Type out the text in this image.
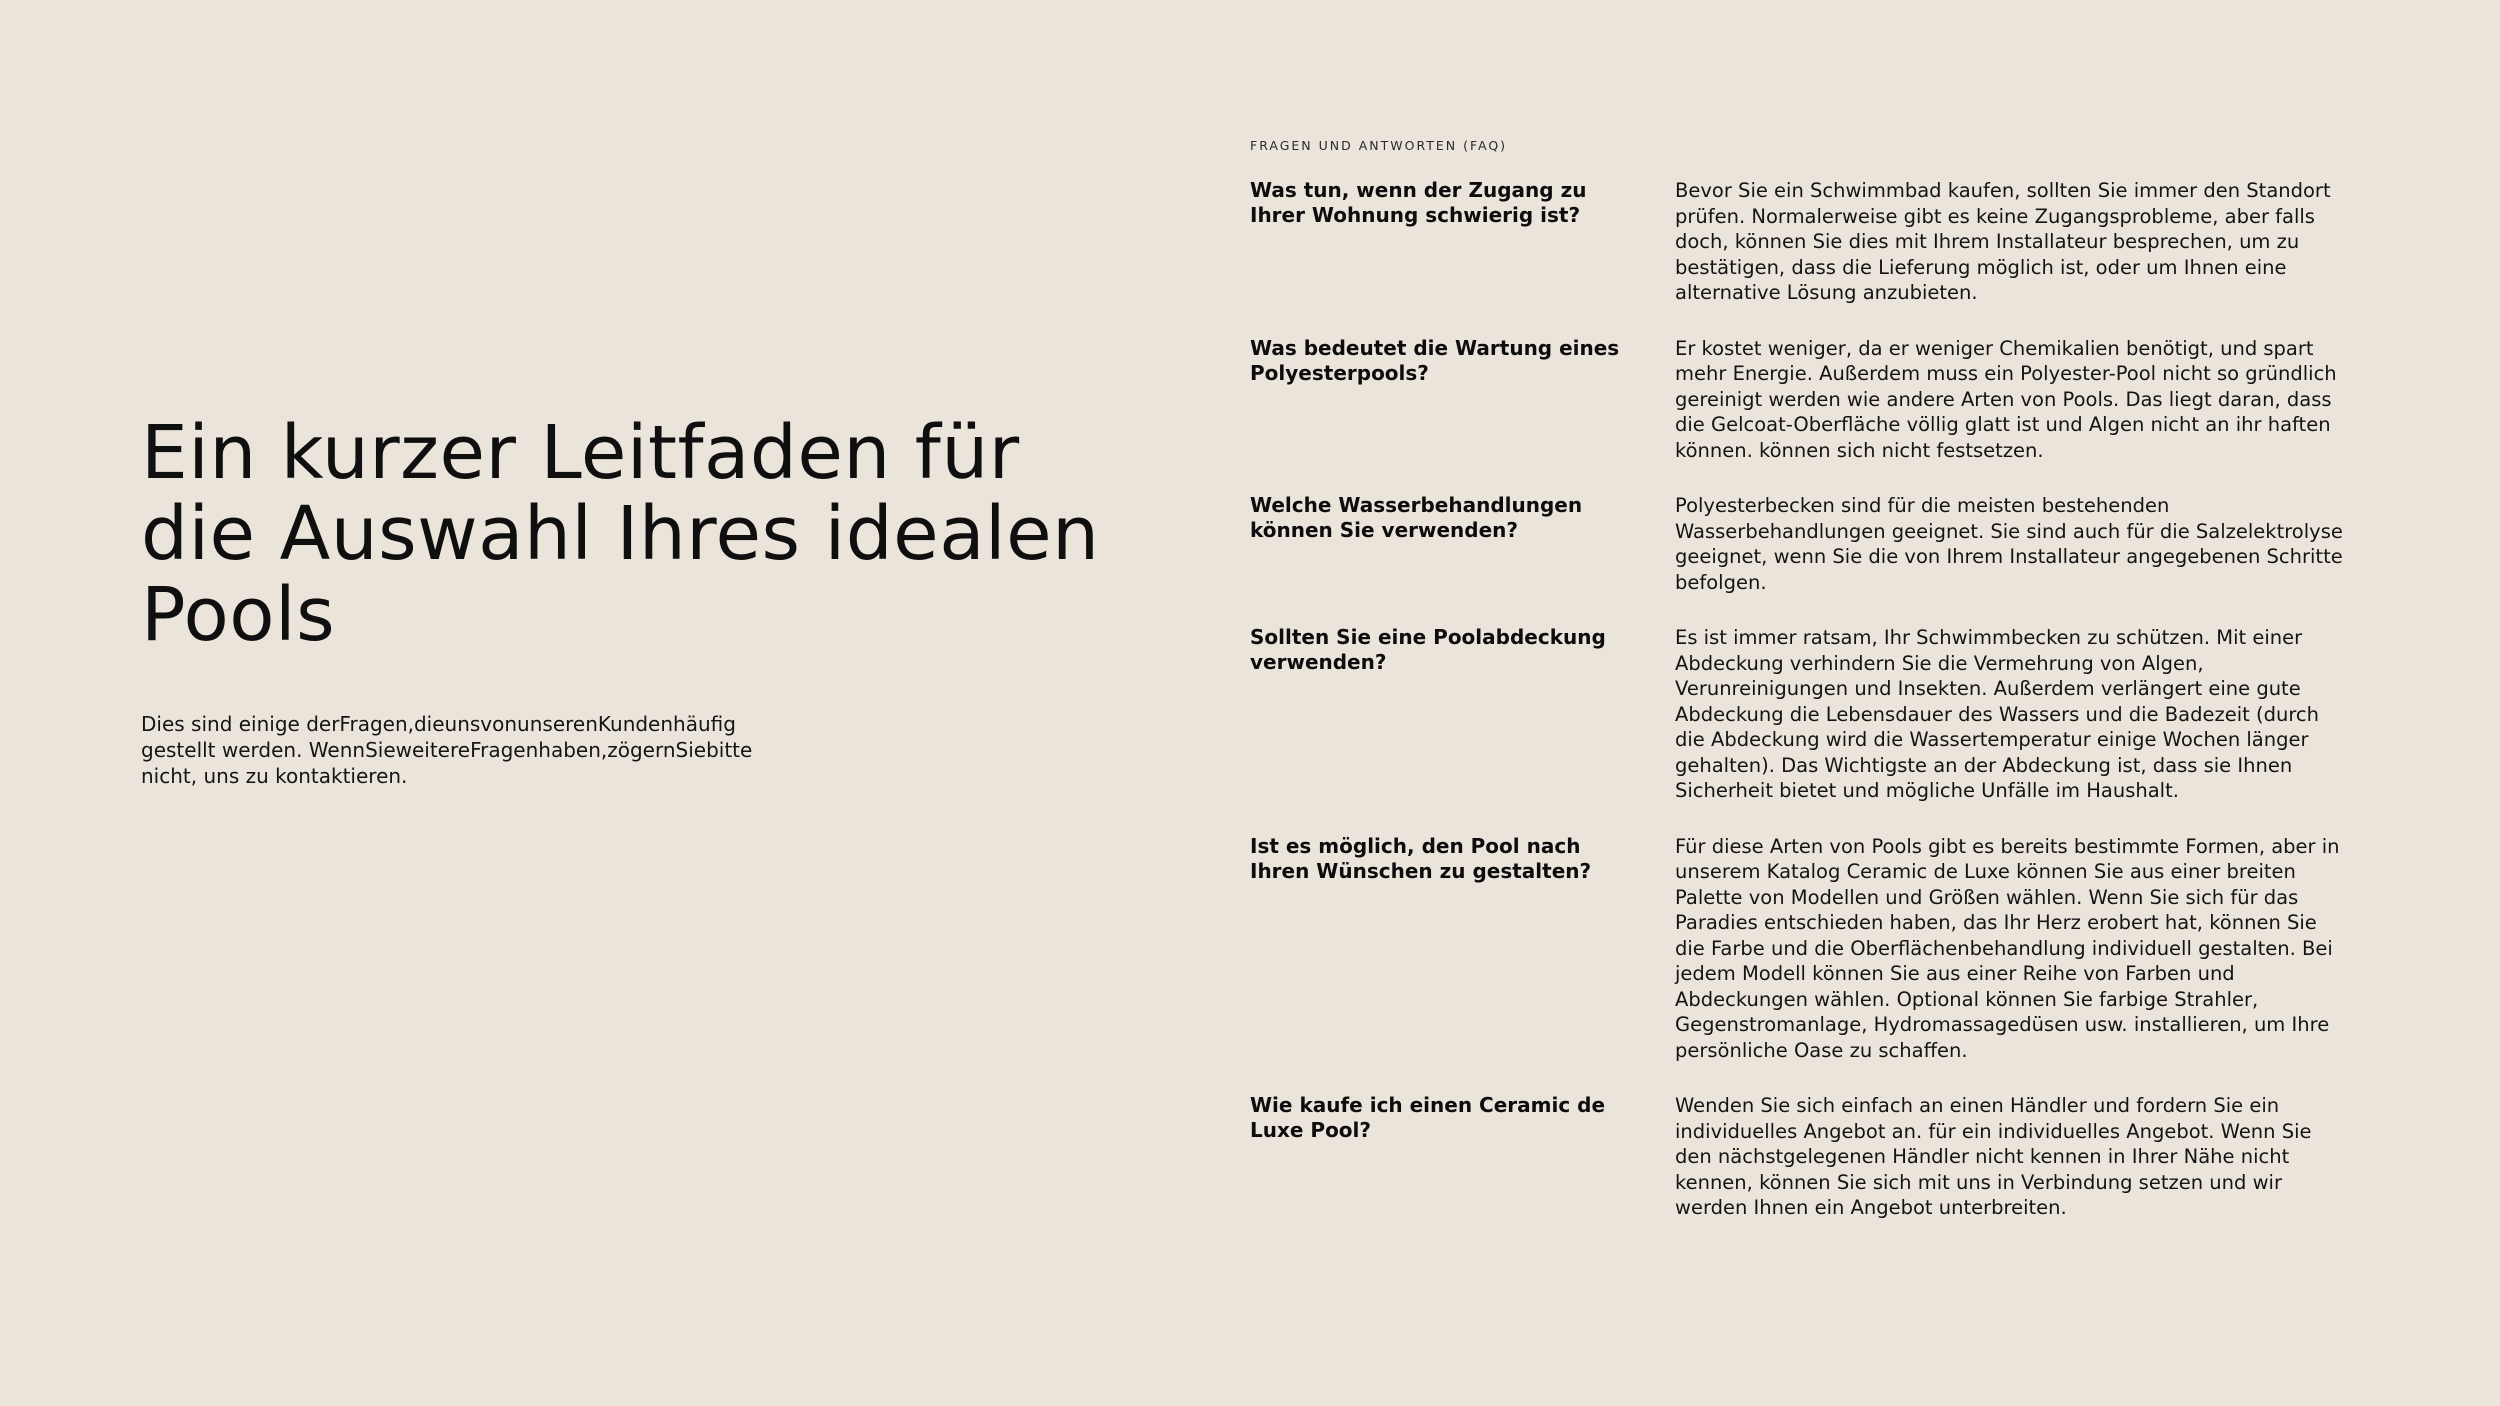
Ein kurzer Leitfaden für die Auswahl Ihres idealen Pools

Dies sind einige derFragen,dieunsvonunserenKundenhäufig gestellt werden. WennSieweitereFragenhaben,zögernSiebitte nicht, uns zu kontaktieren.

FRAGEN UND ANTWORTEN (FAQ)
Was tun, wenn der Zugang zu Ihrer Wohnung schwierig ist?
Bevor Sie ein Schwimmbad kaufen, sollten Sie immer den Standort prüfen. Normalerweise gibt es keine Zugangsprobleme, aber falls doch, können Sie dies mit Ihrem Installateur besprechen, um zu bestätigen, dass die Lieferung möglich ist, oder um Ihnen eine alternative Lösung anzubieten.
Was bedeutet die Wartung eines Polyesterpools?
Er kostet weniger, da er weniger Chemikalien benötigt, und spart mehr Energie. Außerdem muss ein Polyester-Pool nicht so gründlich gereinigt werden wie andere Arten von Pools. Das liegt daran, dass die Gelcoat-Oberfläche völlig glatt ist und Algen nicht an ihr haften können. können sich nicht festsetzen.
Welche Wasserbehandlungen können Sie verwenden?
Polyesterbecken sind für die meisten bestehenden Wasserbehandlungen geeignet. Sie sind auch für die Salzelektrolyse geeignet, wenn Sie die von Ihrem Installateur angegebenen Schritte befolgen.
Sollten Sie eine Poolabdeckung verwenden?
Es ist immer ratsam, Ihr Schwimmbecken zu schützen. Mit einer Abdeckung verhindern Sie die Vermehrung von Algen, Verunreinigungen und Insekten. Außerdem verlängert eine gute Abdeckung die Lebensdauer des Wassers und die Badezeit (durch die Abdeckung wird die Wassertemperatur einige Wochen länger gehalten). Das Wichtigste an der Abdeckung ist, dass sie Ihnen Sicherheit bietet und mögliche Unfälle im Haushalt.
Ist es möglich, den Pool nach Ihren Wünschen zu gestalten?
Für diese Arten von Pools gibt es bereits bestimmte Formen, aber in unserem Katalog Ceramic de Luxe können Sie aus einer breiten Palette von Modellen und Größen wählen. Wenn Sie sich für das Paradies entschieden haben, das Ihr Herz erobert hat, können Sie die Farbe und die Oberflächenbehandlung individuell gestalten. Bei jedem Modell können Sie aus einer Reihe von Farben und Abdeckungen wählen. Optional können Sie farbige Strahler, Gegenstromanlage, Hydromassagedüsen usw. installieren, um Ihre persönliche Oase zu schaffen.
Wie kaufe ich einen Ceramic de Luxe Pool?
Wenden Sie sich einfach an einen Händler und fordern Sie ein individuelles Angebot an. für ein individuelles Angebot. Wenn Sie den nächstgelegenen Händler nicht kennen in Ihrer Nähe nicht kennen, können Sie sich mit uns in Verbindung setzen und wir werden Ihnen ein Angebot unterbreiten.
